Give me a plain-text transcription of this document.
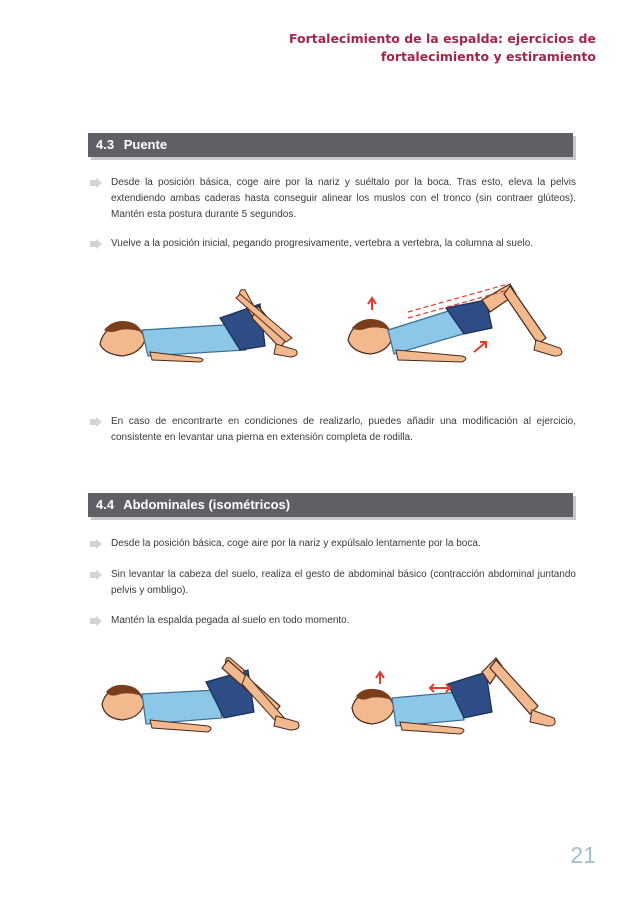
Fortalecimiento de la espalda: ejercicios de
fortalecimiento y estiramiento
4.3 Puente
Desde la posición básica, coge aire por la nariz y suéltalo por la boca. Tras esto, eleva la pelvis extendiendo ambas caderas hasta conseguir alinear los muslos con el tronco (sin contraer glúteos). Mantén esta postura durante 5 segundos.
Vuelve a la posición inicial, pegando progresivamente, vertebra a vertebra, la columna al suelo.
En caso de encontrarte en condiciones de realizarlo, puedes añadir una modificación al ejercicio, consistente en levantar una pierna en extensión completa de rodilla.
4.4 Abdominales (isométricos)
Desde la posición básica, coge aire por la nariz y expúlsalo lentamente por la boca.
Sin levantar la cabeza del suelo, realiza el gesto de abdominal básico (contracción abdominal juntando pelvis y ombligo).
Mantén la espalda pegada al suelo en todo momento.
21
